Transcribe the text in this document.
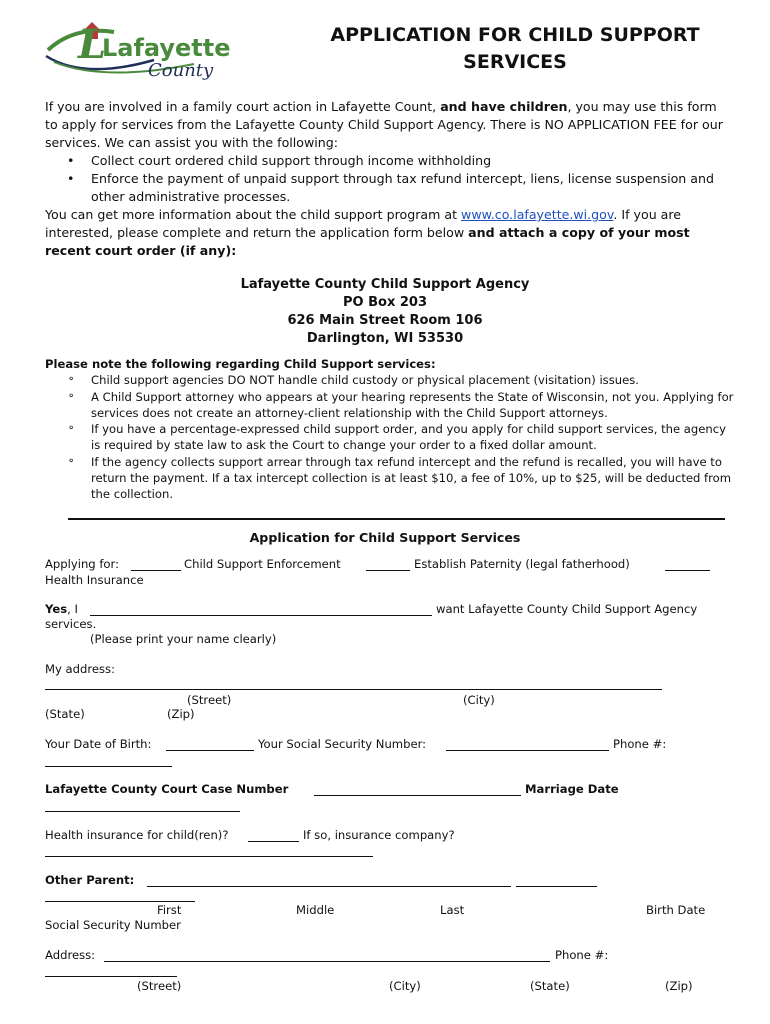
L
Lafayette
County
APPLICATION FOR CHILD SUPPORT SERVICES

If you are involved in a family court action in Lafayette Count, and have children, you may use this form to apply for services from the Lafayette County Child Support Agency. There is NO APPLICATION FEE for our services. We can assist you with the following:

• Collect court ordered child support through income withholding
• Enforce the payment of unpaid support through tax refund intercept, liens, license suspension and other administrative processes.

You can get more information about the child support program at www.co.lafayette.wi.gov. If you are interested, please complete and return the application form below and attach a copy of your most recent court order (if any):

Lafayette County Child Support Agency
PO Box 203
626 Main Street Room 106
Darlington, WI 53530
Please note the following regarding Child Support services:
⚬ Child support agencies DO NOT handle child custody or physical placement (visitation) issues.
⚬ A Child Support attorney who appears at your hearing represents the State of Wisconsin, not you. Applying for services does not create an attorney-client relationship with the Child Support attorneys.
⚬ If you have a percentage-expressed child support order, and you apply for child support services, the agency is required by state law to ask the Court to change your order to a fixed dollar amount.
⚬ If the agency collects support arrear through tax refund intercept and the refund is recalled, you will have to return the payment. If a tax intercept collection is at least $10, a fee of 10%, up to $25, will be deducted from the collection.
Application for Child Support Services
Applying for:	Child Support Enforcement	Establish Paternity (legal fatherhood)
Health Insurance
Yes, I	want Lafayette County Child Support Agency
services.
(Please print your name clearly)
My address:
(Street)	(City)
(State)	(Zip)
Your Date of Birth:	Your Social Security Number:	Phone #:
Lafayette County Court Case Number	Marriage Date
Health insurance for child(ren)?	If so, insurance company?
Other Parent:
First	Middle	Last	Birth Date
Social Security Number
Address:	Phone #:
(Street)	(City)	(State)	(Zip)
